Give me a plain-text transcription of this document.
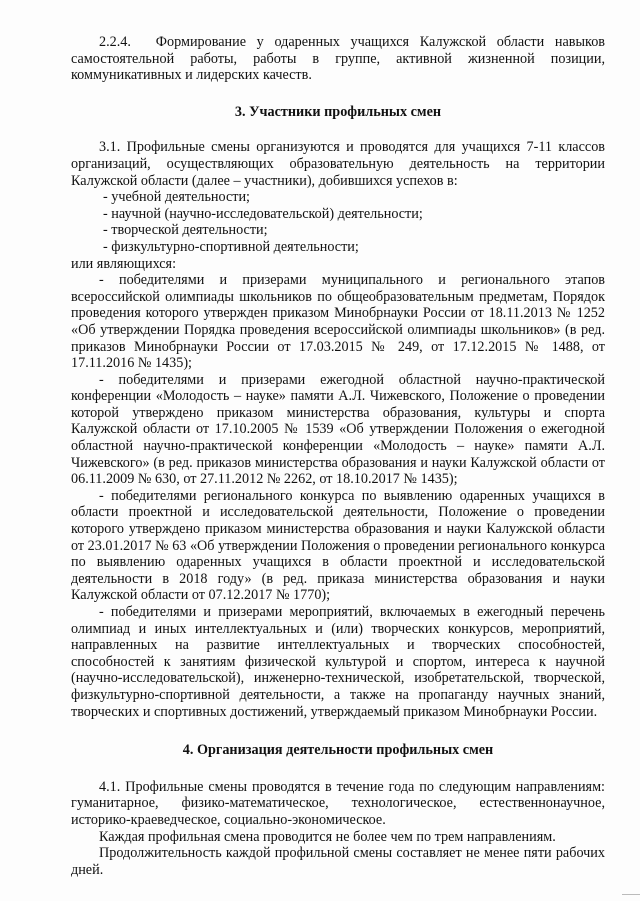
2.2.4.  Формирование у одаренных учащихся Калужской области навыков самостоятельной работы, работы в группе, активной жизненной позиции, коммуникативных и лидерских качеств.

3. Участники профильных смен

3.1. Профильные смены организуются и проводятся для учащихся 7-11 классов организаций, осуществляющих образовательную деятельность на территории Калужской области (далее – участники), добившихся успехов в:

- учебной деятельности;

- научной (научно-исследовательской) деятельности;

- творческой деятельности;

- физкультурно-спортивной деятельности;

или являющихся:

- победителями и призерами муниципального и регионального этапов всероссийской олимпиады школьников по общеобразовательным предметам, Порядок проведения которого утвержден приказом Минобрнауки России от 18.11.2013 № 1252 «Об утверждении Порядка проведения всероссийской олимпиады школьников» (в ред. приказов Минобрнауки России от 17.03.2015 № 249, от 17.12.2015 № 1488, от 17.11.2016 № 1435);

- победителями и призерами ежегодной областной научно-практической конференции «Молодость – науке» памяти А.Л. Чижевского, Положение о проведении которой утверждено приказом министерства образования, культуры и спорта Калужской области от 17.10.2005 № 1539 «Об утверждении Положения о ежегодной областной научно-практической конференции «Молодость – науке» памяти А.Л. Чижевского» (в ред. приказов министерства образования и науки Калужской области от 06.11.2009 № 630, от 27.11.2012 № 2262, от 18.10.2017 № 1435);

- победителями регионального конкурса по выявлению одаренных учащихся в области проектной и исследовательской деятельности, Положение о проведении которого утверждено приказом министерства образования и науки Калужской области от 23.01.2017 № 63 «Об утверждении Положения о проведении регионального конкурса по выявлению одаренных учащихся в области проектной и исследовательской деятельности в 2018 году» (в ред. приказа министерства образования и науки Калужской области от 07.12.2017 № 1770);

- победителями и призерами мероприятий, включаемых в ежегодный перечень олимпиад и иных интеллектуальных и (или) творческих конкурсов, мероприятий, направленных на развитие интеллектуальных и творческих способностей, способностей к занятиям физической культурой и спортом, интереса к научной (научно-исследовательской), инженерно-технической, изобретательской, творческой, физкультурно-спортивной деятельности, а также на пропаганду научных знаний, творческих и спортивных достижений, утверждаемый приказом Минобрнауки России.

4. Организация деятельности профильных смен

4.1. Профильные смены проводятся в течение года по следующим направлениям: гуманитарное, физико-математическое, технологическое, естественнонаучное, историко-краеведческое, социально-экономическое.

Каждая профильная смена проводится не более чем по трем направлениям.

Продолжительность каждой профильной смены составляет не менее пяти рабочих дней.
